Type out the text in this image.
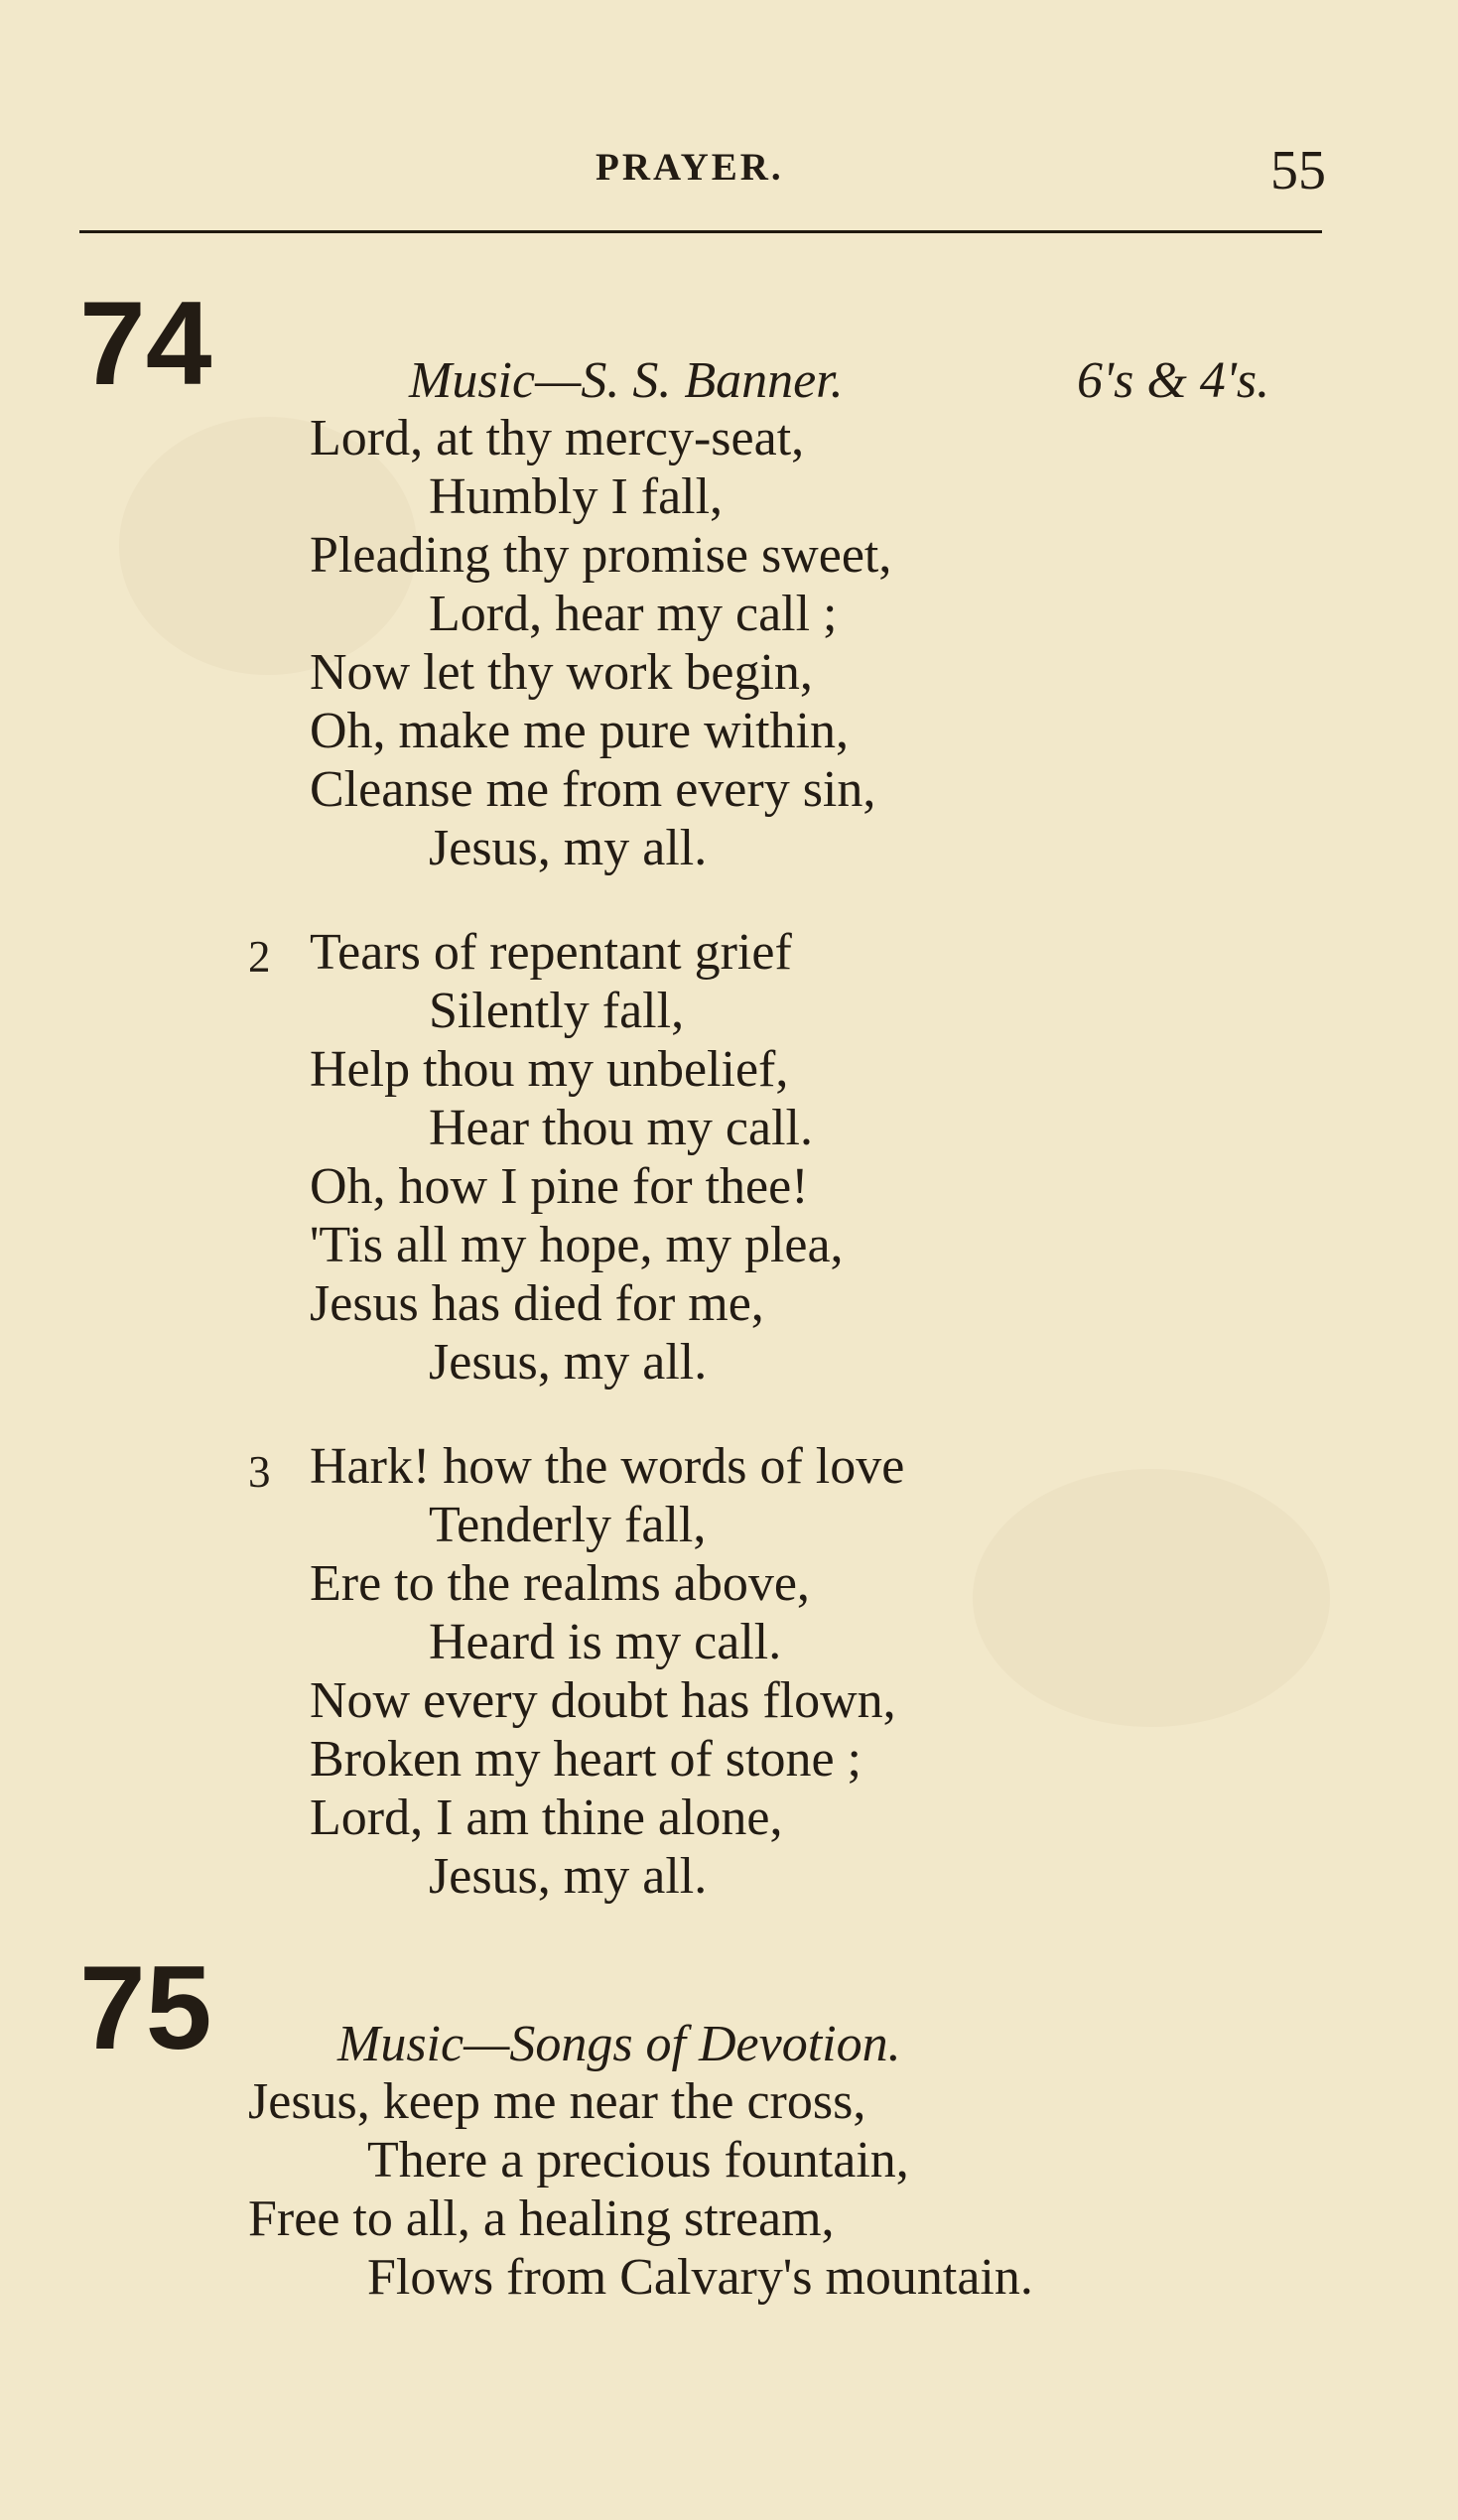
PRAYER.	55
74	Music—S. S. Banner.	6's & 4's.
Lord, at thy mercy-seat,
Humbly I fall,
Pleading thy promise sweet,
Lord, hear my call ;
Now let thy work begin,
Oh, make me pure within,
Cleanse me from every sin,
Jesus, my all.
2 Tears of repentant grief
Silently fall,
Help thou my unbelief,
Hear thou my call.
Oh, how I pine for thee!
'Tis all my hope, my plea,
Jesus has died for me,
Jesus, my all.
3 Hark! how the words of love
Tenderly fall,
Ere to the realms above,
Heard is my call.
Now every doubt has flown,
Broken my heart of stone ;
Lord, I am thine alone,
Jesus, my all.
75 Music—Songs of Devotion.
Jesus, keep me near the cross,
There a precious fountain,
Free to all, a healing stream,
Flows from Calvary's mountain.
